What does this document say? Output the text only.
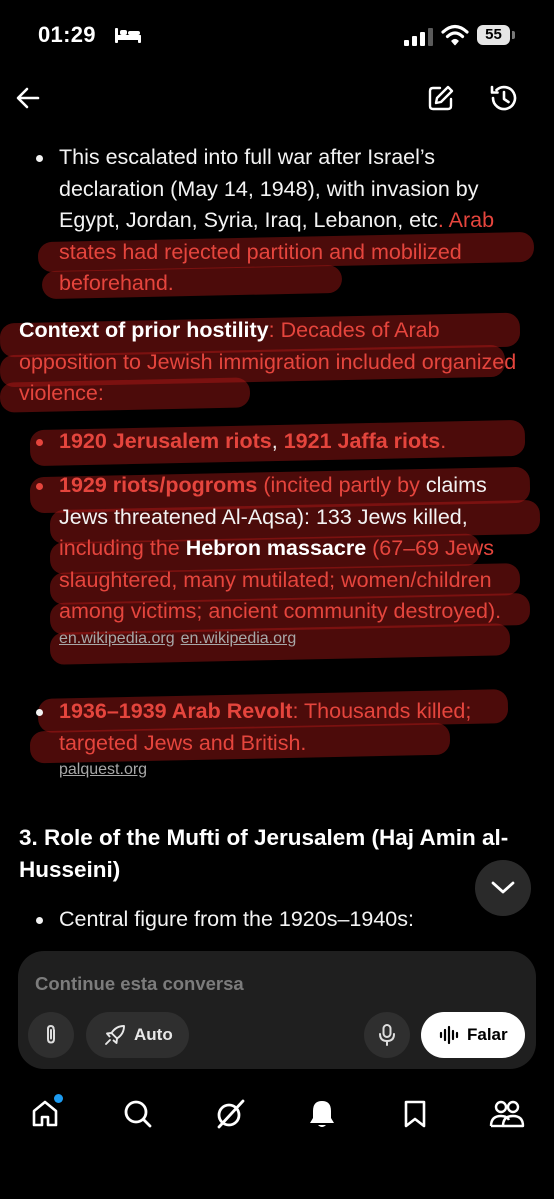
01:29	55
This escalated into full war after Israel’s declaration (May 14, 1948), with invasion by Egypt, Jordan, Syria, Iraq, Lebanon, etc. Arab states had rejected partition and mobilized beforehand.
Context of prior hostility: Decades of Arab opposition to Jewish immigration included organized violence:
1920 Jerusalem riots, 1921 Jaffa riots.
1929 riots/pogroms (incited partly by claims Jews threatened Al-Aqsa): 133 Jews killed, including the Hebron massacre (67–69 Jews slaughtered, many mutilated; women/children among victims; ancient community destroyed).
en.wikipedia.org en.wikipedia.org
1936–1939 Arab Revolt: Thousands killed; targeted Jews and British.
palquest.org
3. Role of the Mufti of Jerusalem (Haj Amin al-Husseini)
Central figure from the 1920s–1940s:
Continue esta conversa
Auto	Falar
